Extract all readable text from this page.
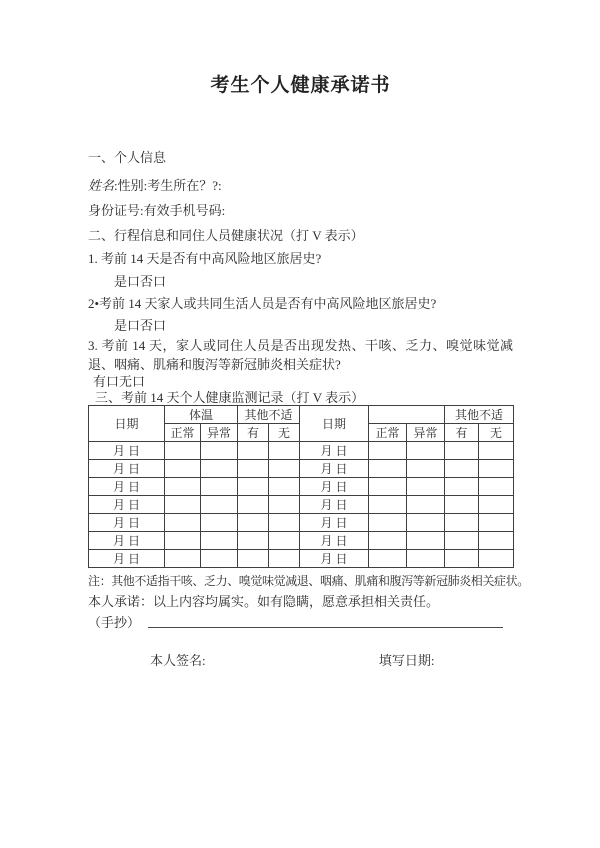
考生个人健康承诺书
一、个人信息
姓名:性别:考生所在？?:
身份证号:有效手机号码:
二、行程信息和同住人员健康状况（打 V 表示）
1. 考前 14 天是否有中高风险地区旅居史?
是口否口
2•考前 14 天家人或共同生活人员是否有中高风险地区旅居史?
是口否口
3. 考前 14 天，家人或同住人员是否出现发热、干咳、乏力、嗅觉味觉减退、咽痛、肌痛和腹泻等新冠肺炎相关症状?
有口无口
三、考前 14 天个人健康监测记录（打 V 表示）
日期	体温		其他不适		日期			其他不适	
	正常	异常	有	无		正常	异常	有	无
月 日					月 日				
月 日					月 日				
月 日					月 日				
月 日					月 日				
月 日					月 日				
月 日					月 日				
月 日					月 日				
注：其他不适指干咳、乏力、嗅觉味觉减退、咽痛、肌痛和腹泻等新冠肺炎相关症状。
本人承诺：以上内容均属实。如有隐瞒，愿意承担相关责任。
（手抄）
本人签名:	填写日期:
